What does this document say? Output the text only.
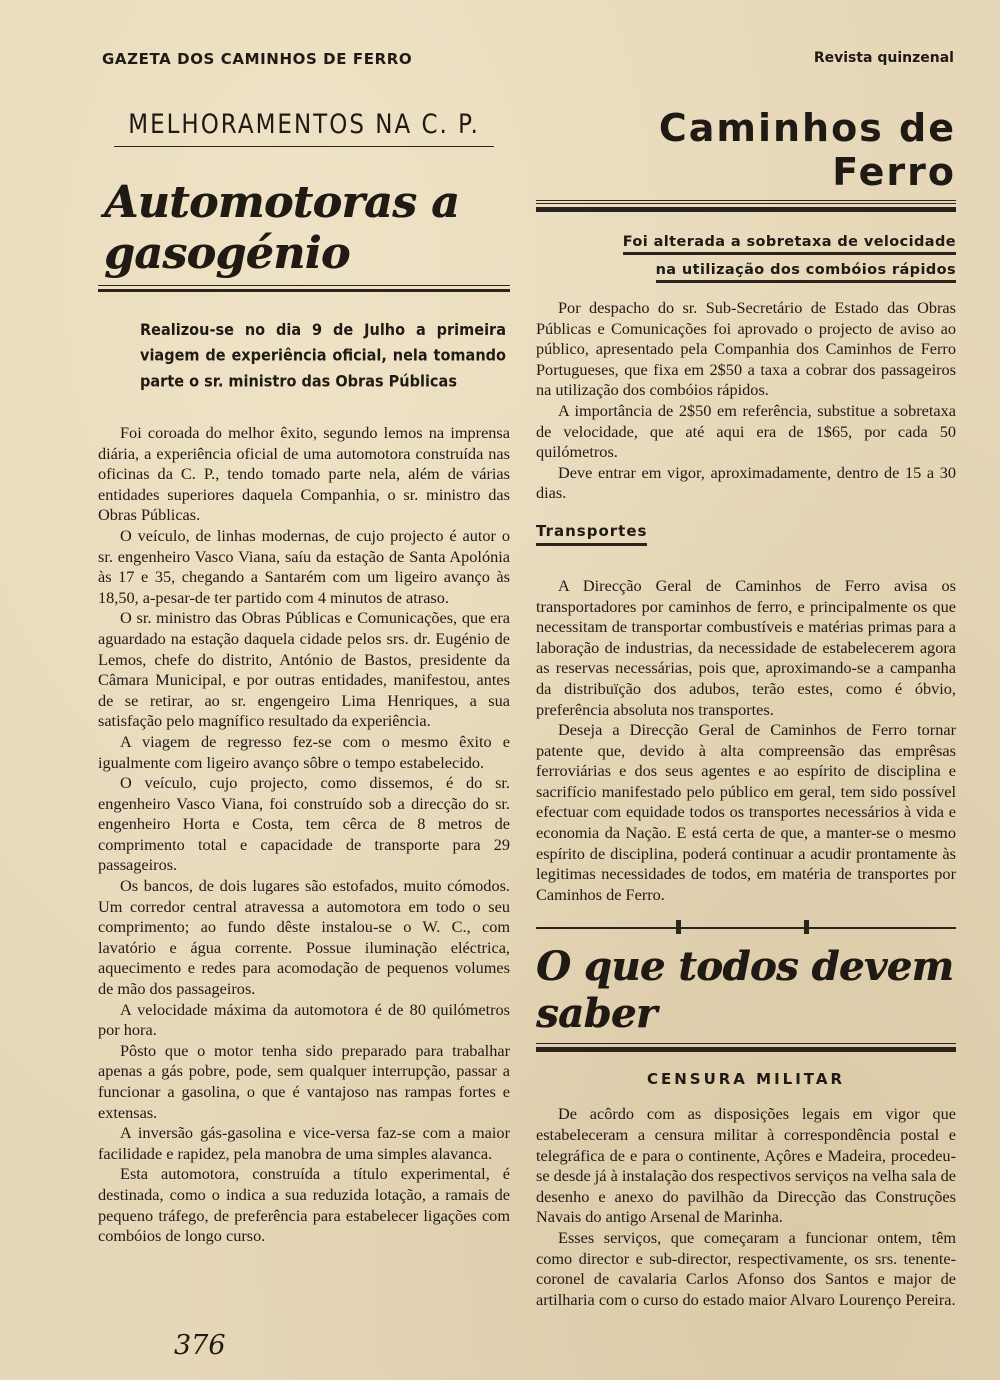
GAZETA DOS CAMINHOS DE FERRO	Revista quinzenal
MELHORAMENTOS NA C. P.
Automotoras a gasogénio
Realizou-se no dia 9 de Julho a primeira viagem de experiência oficial, nela tomando parte o sr. ministro das Obras Públicas

Foi coroada do melhor êxito, segundo lemos na imprensa diária, a experiência oficial de uma automotora construída nas oficinas da C. P., tendo tomado parte nela, além de várias entidades superiores daquela Companhia, o sr. ministro das Obras Públicas.

O veículo, de linhas modernas, de cujo projecto é autor o sr. engenheiro Vasco Viana, saíu da estação de Santa Apolónia às 17 e 35, chegando a Santarém com um ligeiro avanço às 18,50, a-pesar-de ter partido com 4 minutos de atraso.

O sr. ministro das Obras Públicas e Comunicações, que era aguardado na estação daquela cidade pelos srs. dr. Eugénio de Lemos, chefe do distrito, António de Bastos, presidente da Câmara Municipal, e por outras entidades, manifestou, antes de se retirar, ao sr. engengeiro Lima Henriques, a sua satisfação pelo magnífico resultado da experiência.

A viagem de regresso fez-se com o mesmo êxito e igualmente com ligeiro avanço sôbre o tempo estabelecido.

O veículo, cujo projecto, como dissemos, é do sr. engenheiro Vasco Viana, foi construído sob a direcção do sr. engenheiro Horta e Costa, tem cêrca de 8 metros de comprimento total e capacidade de transporte para 29 passageiros.

Os bancos, de dois lugares são estofados, muito cómodos. Um corredor central atravessa a automotora em todo o seu comprimento; ao fundo dêste instalou-se o W. C., com lavatório e água corrente. Possue iluminação eléctrica, aquecimento e redes para acomodação de pequenos volumes de mão dos passageiros.

A velocidade máxima da automotora é de 80 quilómetros por hora.

Pôsto que o motor tenha sido preparado para trabalhar apenas a gás pobre, pode, sem qualquer interrupção, passar a funcionar a gasolina, o que é vantajoso nas rampas fortes e extensas.

A inversão gás-gasolina e vice-versa faz-se com a maior facilidade e rapidez, pela manobra de uma simples alavanca.

Esta automotora, construída a título experimental, é destinada, como o indica a sua reduzida lotação, a ramais de pequeno tráfego, de preferência para estabelecer ligações com combóios de longo curso.

Caminhos de Ferro
Foi alterada a sobretaxa de velocidade
na utilização dos combóios rápidos

Por despacho do sr. Sub-Secretário de Estado das Obras Públicas e Comunicações foi aprovado o projecto de aviso ao público, apresentado pela Companhia dos Caminhos de Ferro Portugueses, que fixa em 2$50 a taxa a cobrar dos passageiros na utilização dos combóios rápidos.

A importância de 2$50 em referência, substitue a sobretaxa de velocidade, que até aqui era de 1$65, por cada 50 quilómetros.

Deve entrar em vigor, aproximadamente, dentro de 15 a 30 dias.

Transportes

A Direcção Geral de Caminhos de Ferro avisa os transportadores por caminhos de ferro, e principalmente os que necessitam de transportar combustíveis e matérias primas para a laboração de industrias, da necessidade de estabelecerem agora as reservas necessárias, pois que, aproximando-se a campanha da distribuïção dos adubos, terão estes, como é óbvio, preferência absoluta nos transportes.

Deseja a Direcção Geral de Caminhos de Ferro tornar patente que, devido à alta compreensão das emprêsas ferroviárias e dos seus agentes e ao espírito de disciplina e sacrifício manifestado pelo público em geral, tem sido possível efectuar com equidade todos os transportes necessários à vida e economia da Nação. E está certa de que, a manter-se o mesmo espírito de disciplina, poderá continuar a acudir prontamente às legitimas necessidades de todos, em matéria de transportes por Caminhos de Ferro.

O que todos devem saber
CENSURA MILITAR

De acôrdo com as disposições legais em vigor que estabeleceram a censura militar à correspondência postal e telegráfica de e para o continente, Açôres e Madeira, procedeu-se desde já à instalação dos respectivos serviços na velha sala de desenho e anexo do pavilhão da Direcção das Construções Navais do antigo Arsenal de Marinha.

Esses serviços, que começaram a funcionar ontem, têm como director e sub-director, respectivamente, os srs. tenente-coronel de cavalaria Carlos Afonso dos Santos e major de artilharia com o curso do estado maior Alvaro Lourenço Pereira.

376
